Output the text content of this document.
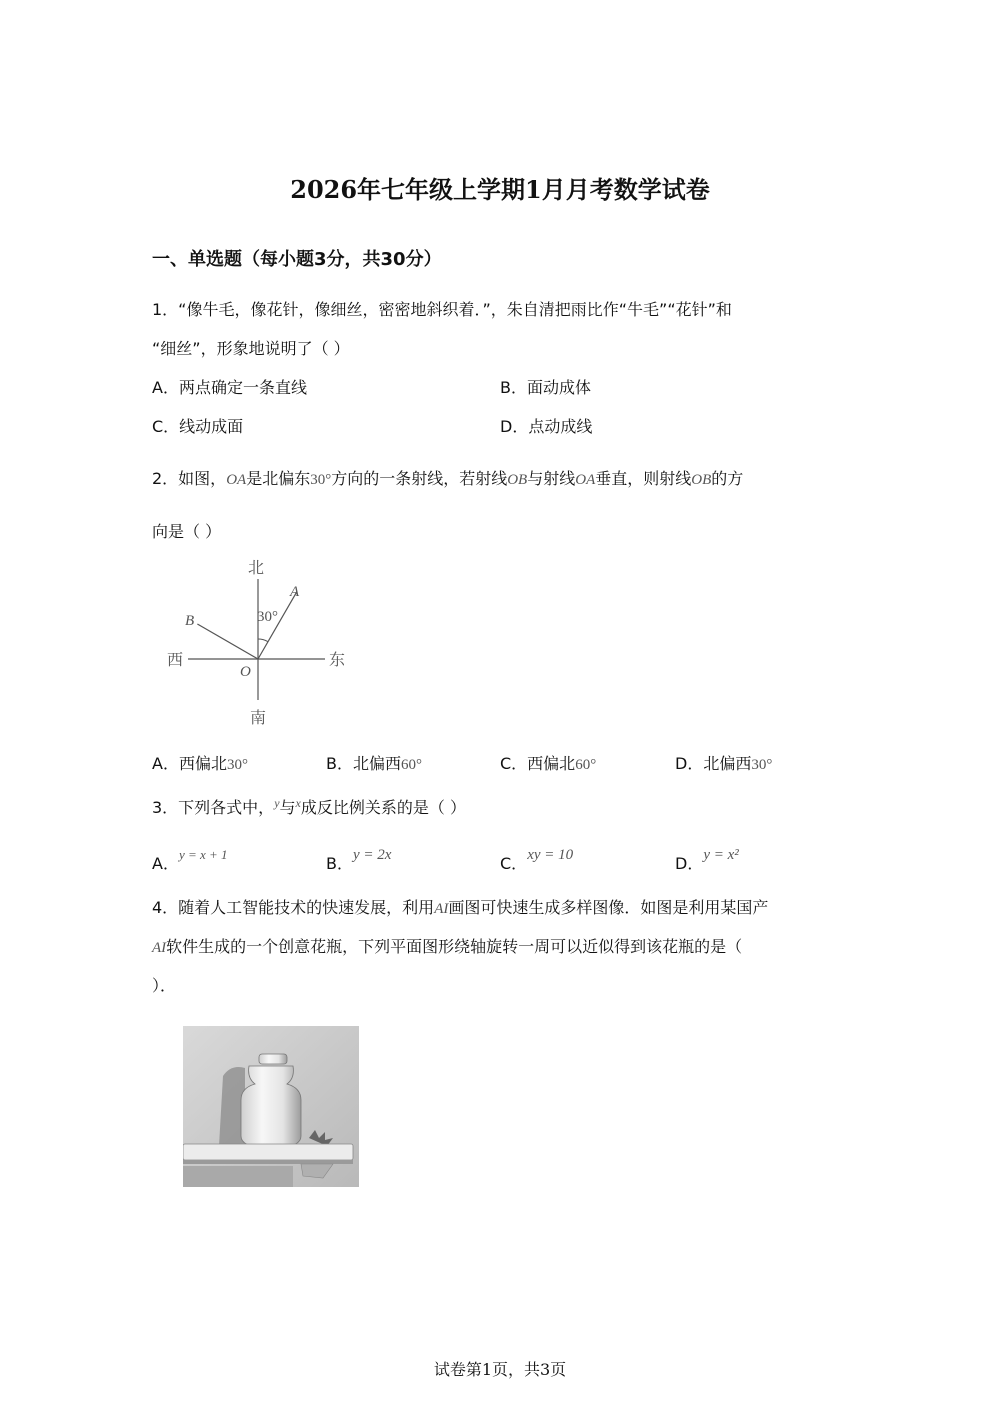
2026年七年级上学期1月月考数学试卷
一、单选题（每小题3分，共30分）
1．“像牛毛，像花针，像细丝，密密地斜织着．”，朱自清把雨比作“牛毛”“花针”和
“细丝”，形象地说明了（ ）
A．两点确定一条直线	B．面动成体
C．线动成面	D．点动成线
2．如图，OA是北偏东30°方向的一条射线，若射线OB与射线OA垂直，则射线OB的方
向是（ ）
北
南
东
西
A
B
O
30°
A．西偏北30°	B．北偏西60°	C．西偏北60°	D．北偏西30°
3．下列各式中，$^y$与$^x$成反比例关系的是（ ）
A．$^{y = x + 1}$	B．y = 2x	C．xy = 10	D．y = x²
4．随着人工智能技术的快速发展，利用AI画图可快速生成多样图像．如图是利用某国产
AI软件生成的一个创意花瓶，下列平面图形绕轴旋转一周可以近似得到该花瓶的是（
）．
试卷第1页，共3页
